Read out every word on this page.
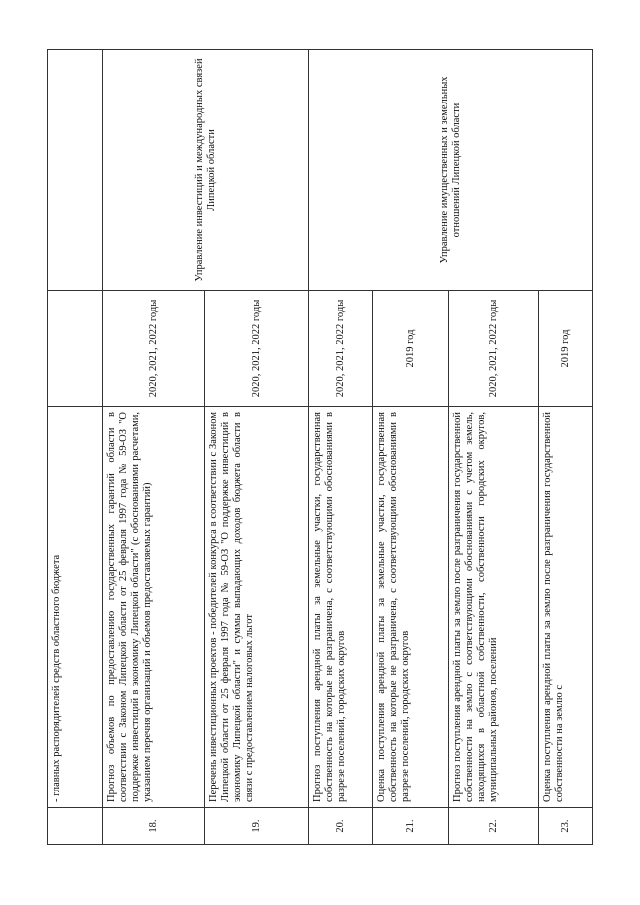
	- главных распорядителей средств областного бюджета		
18.	Прогноз объемов по предоставлению государственных гарантий области в соответствии с Законом Липецкой области от 25 февраля 1997 года № 59-ОЗ "О поддержке инвестиций в экономику Липецкой области" (с обоснованиями расчетами, указанием перечня организаций и объемов предоставляемых гарантий)	2020, 2021, 2022 годы	Управление инвестиций и международных связей Липецкой области
19.	Перечень инвестиционных проектов - победителей конкурса в соответствии с Законом Липецкой области от 25 февраля 1997 года № 59-ОЗ "О поддержке инвестиций в экономику Липецкой области" и суммы выпадающих доходов бюджета области в связи с предоставлением налоговых льгот	2020, 2021, 2022 годы	
20.	Прогноз поступления арендной платы за земельные участки, государственная собственность на которые не разграничена, с соответствующими обоснованиями в разрезе поселений, городских округов	2020, 2021, 2022 годы	Управление имущественных и земельных отношений Липецкой области
21.	Оценка поступления арендной платы за земельные участки, государственная собственность на которые не разграничена, с соответствующими обоснованиями в разрезе поселений, городских округов	2019 год	
22.	Прогноз поступления арендной платы за землю после разграничения государственной собственности на землю с соответствующими обоснованиями с учетом земель, находящихся в областной собственности, собственности городских округов, муниципальных районов, поселений	2020, 2021, 2022 годы	
23.	Оценка поступления арендной платы за землю после разграничения государственной собственности на землю с	2019 год	
